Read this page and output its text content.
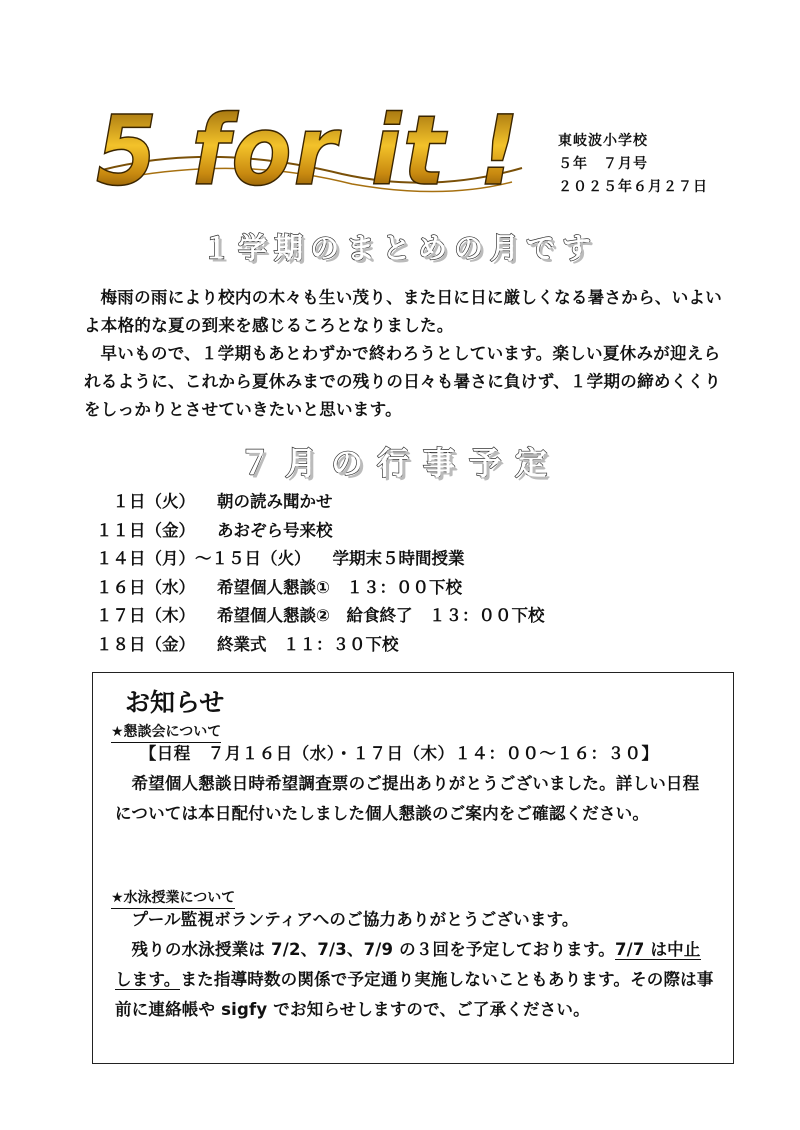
5 for it !	東岐波小学校
５年　７月号
２０２５年６月２７日
１学期のまとめの月です

梅雨の雨により校内の木々も生い茂り、また日に日に厳しくなる暑さから、いよいよ本格的な夏の到来を感じるころとなりました。

早いもので、１学期もあとわずかで終わろうとしています。楽しい夏休みが迎えられるように、これから夏休みまでの残りの日々も暑さに負けず、１学期の締めくくりをしっかりとさせていきたいと思います。

７月の行事予定
　１日（火） 朝の読み聞かせ
１１日（金） あおぞら号来校
１４日（月）～１５日（火） 学期末５時間授業
１６日（水） 希望個人懇談①　１３：００下校
１７日（木） 希望個人懇談②　給食終了　１３：００下校
１８日（金） 終業式　１１：３０下校
お知らせ
★懇談会について

【日程　７月１６日（水）・１７日（木）１４：００～１６：３０】

希望個人懇談日時希望調査票のご提出ありがとうございました。詳しい日程については本日配付いたしました個人懇談のご案内をご確認ください。

★水泳授業について

プール監視ボランティアへのご協力ありがとうございます。

残りの水泳授業は 7/2、7/3、7/9 の３回を予定しております。7/7 は中止します。また指導時数の関係で予定通り実施しないこともあります。その際は事前に連絡帳や sigfy でお知らせしますので、ご了承ください。
